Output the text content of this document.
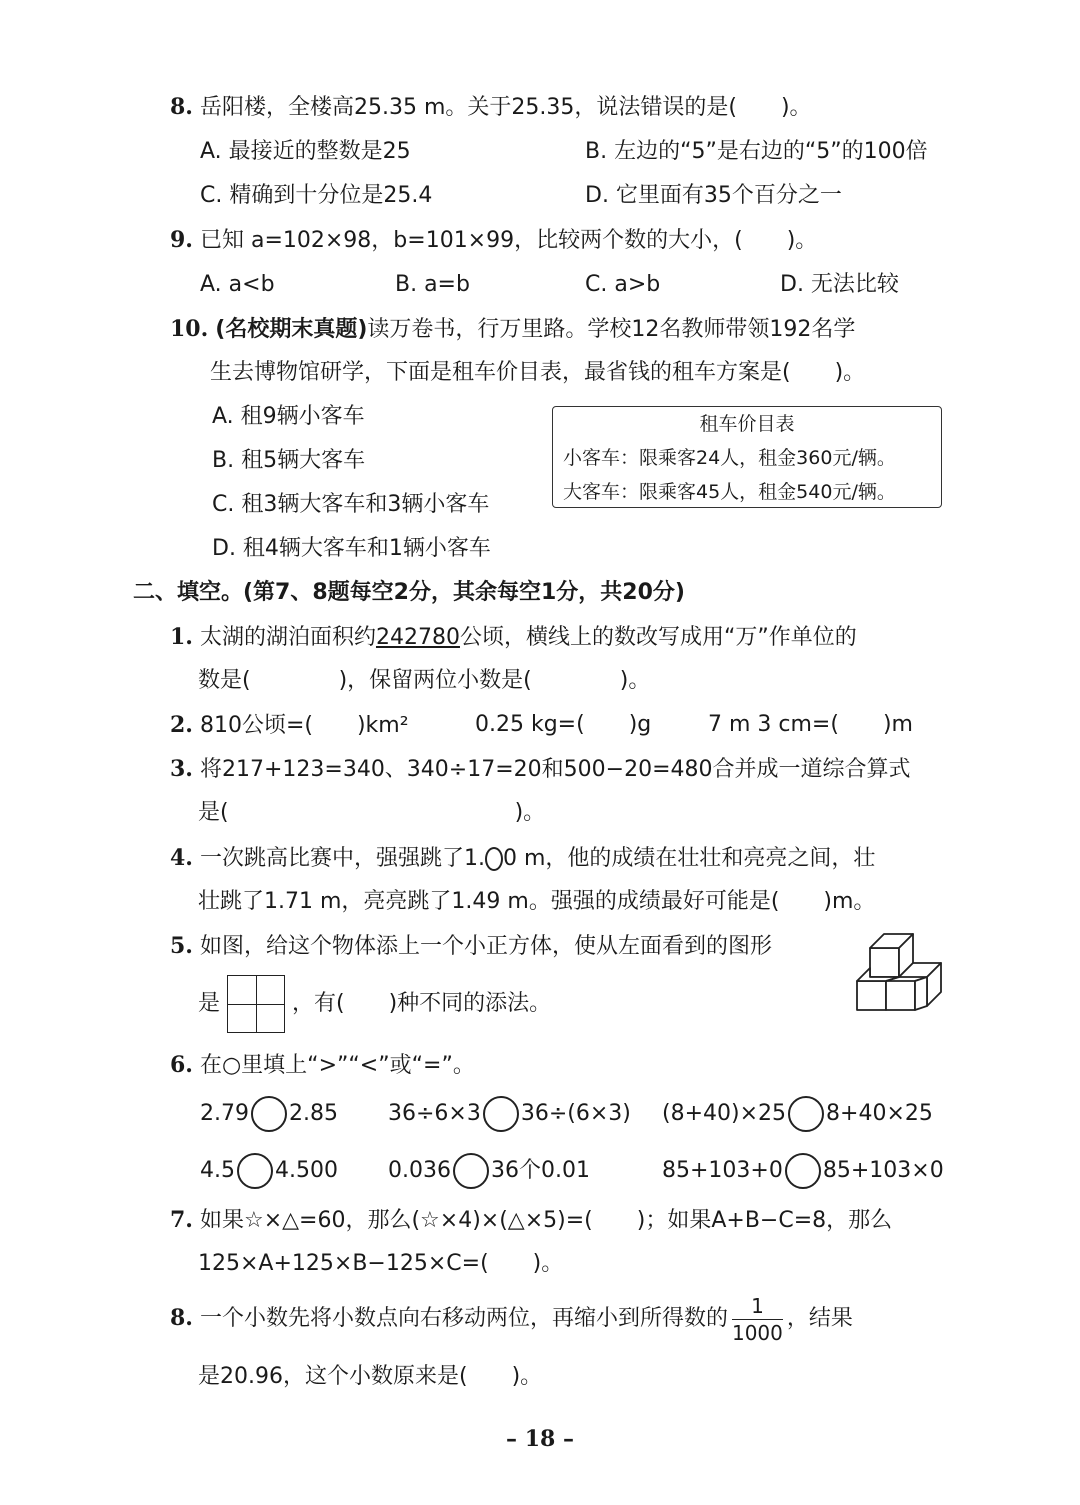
8. 岳阳楼，全楼高25.35 m。关于25.35，说法错误的是(　　)。
A. 最接近的整数是25	B. 左边的“5”是右边的“5”的100倍
C. 精确到十分位是25.4	D. 它里面有35个百分之一
9. 已知 a=102×98，b=101×99，比较两个数的大小，(　　)。
A. a<b	B. a=b	C. a>b	D. 无法比较
10. (名校期末真题)读万卷书，行万里路。学校12名教师带领192名学
生去博物馆研学，下面是租车价目表，最省钱的租车方案是(　　)。
A. 租9辆小客车
B. 租5辆大客车
C. 租3辆大客车和3辆小客车
D. 租4辆大客车和1辆小客车
租车价目表
小客车：限乘客24人，租金360元/辆。
大客车：限乘客45人，租金540元/辆。
二、填空。(第7、8题每空2分，其余每空1分，共20分)
1. 太湖的湖泊面积约242780公顷，横线上的数改写成用“万”作单位的
数是(　　　　)，保留两位小数是(　　　　)。
2. 810公顷=(　　)km²	0.25 kg=(　　)g	7 m 3 cm=(　　)m
3. 将217+123=340、340÷17=20和500−20=480合并成一道综合算式
是(　　　　　　　　　　　　　)。
4. 一次跳高比赛中，强强跳了1. 0 m，他的成绩在壮壮和亮亮之间，壮
壮跳了1.71 m，亮亮跳了1.49 m。强强的成绩最好可能是(　　)m。
5. 如图，给这个物体添上一个小正方体，使从左面看到的图形
是	，有(　　)种不同的添法。
6. 在○里填上“>”“<”或“=”。
2.79 2.85 36÷6×3 36÷(6×3) (8+40)×25 8+40×25
4.5 4.500 0.036 36个0.01	85+103+0 85+103×0
7. 如果☆×△=60，那么(☆×4)×(△×5)=(　　)；如果A+B−C=8，那么
125×A+125×B−125×C=(　　)。
8. 一个小数先将小数点向右移动两位，再缩小到所得数的 $\frac{1}{1000}$ ，结果
是20.96，这个小数原来是(　　)。
– 18 –
